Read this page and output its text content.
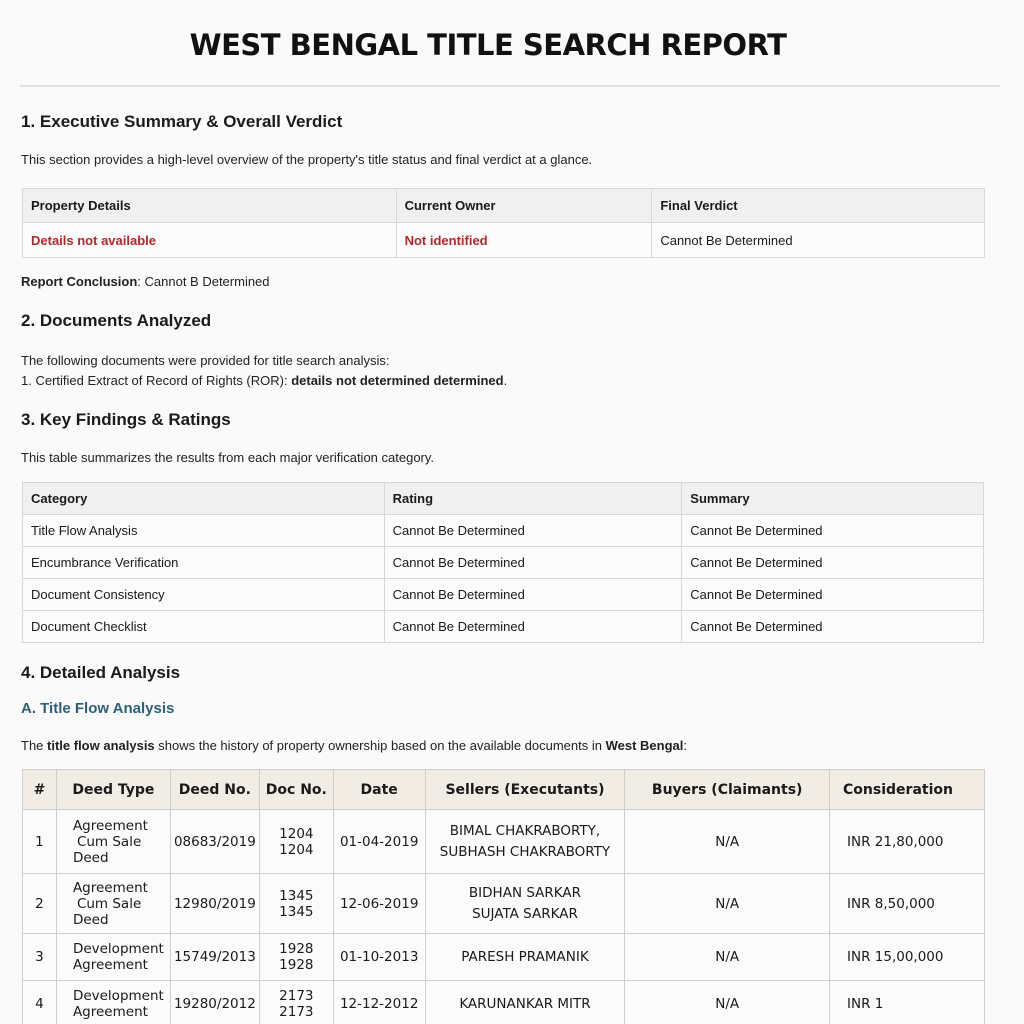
WEST BENGAL TITLE SEARCH REPORT
1. Executive Summary & Overall Verdict

This section provides a high-level overview of the property's title status and final verdict at a glance.

Property Details	Current Owner	Final Verdict
Details not available	Not identified	Cannot Be Determined

Report Conclusion: Cannot B Determined

2. Documents Analyzed

The following documents were provided for title search analysis:

1. Certified Extract of Record of Rights (ROR): details not determined determined.

3. Key Findings & Ratings

This table summarizes the results from each major verification category.

Category	Rating	Summary
Title Flow Analysis	Cannot Be Determined	Cannot Be Determined
Encumbrance Verification	Cannot Be Determined	Cannot Be Determined
Document Consistency	Cannot Be Determined	Cannot Be Determined
Document Checklist	Cannot Be Determined	Cannot Be Determined
4. Detailed Analysis
A. Title Flow Analysis

The title flow analysis shows the history of property ownership based on the available documents in West Bengal:

#	Deed Type	Deed No.	Doc No.	Date	Sellers (Executants)	Buyers (Claimants)	Consideration
1	Agreement
Cum Sale
Deed	08683/2019	1204
1204	01-04-2019	BIMAL CHAKRABORTY,
SUBHASH CHAKRABORTY	N/A	INR 21,80,000
2	Agreement
Cum Sale
Deed	12980/2019	1345
1345	12-06-2019	BIDHAN SARKAR
SUJATA SARKAR	N/A	INR 8,50,000
3	Development
Agreement	15749/2013	1928
1928	01-10-2013	PARESH PRAMANIK	N/A	INR 15,00,000
4	Development
Agreement	19280/2012	2173
2173	12-12-2012	KARUNANKAR MITR	N/A	INR 1
